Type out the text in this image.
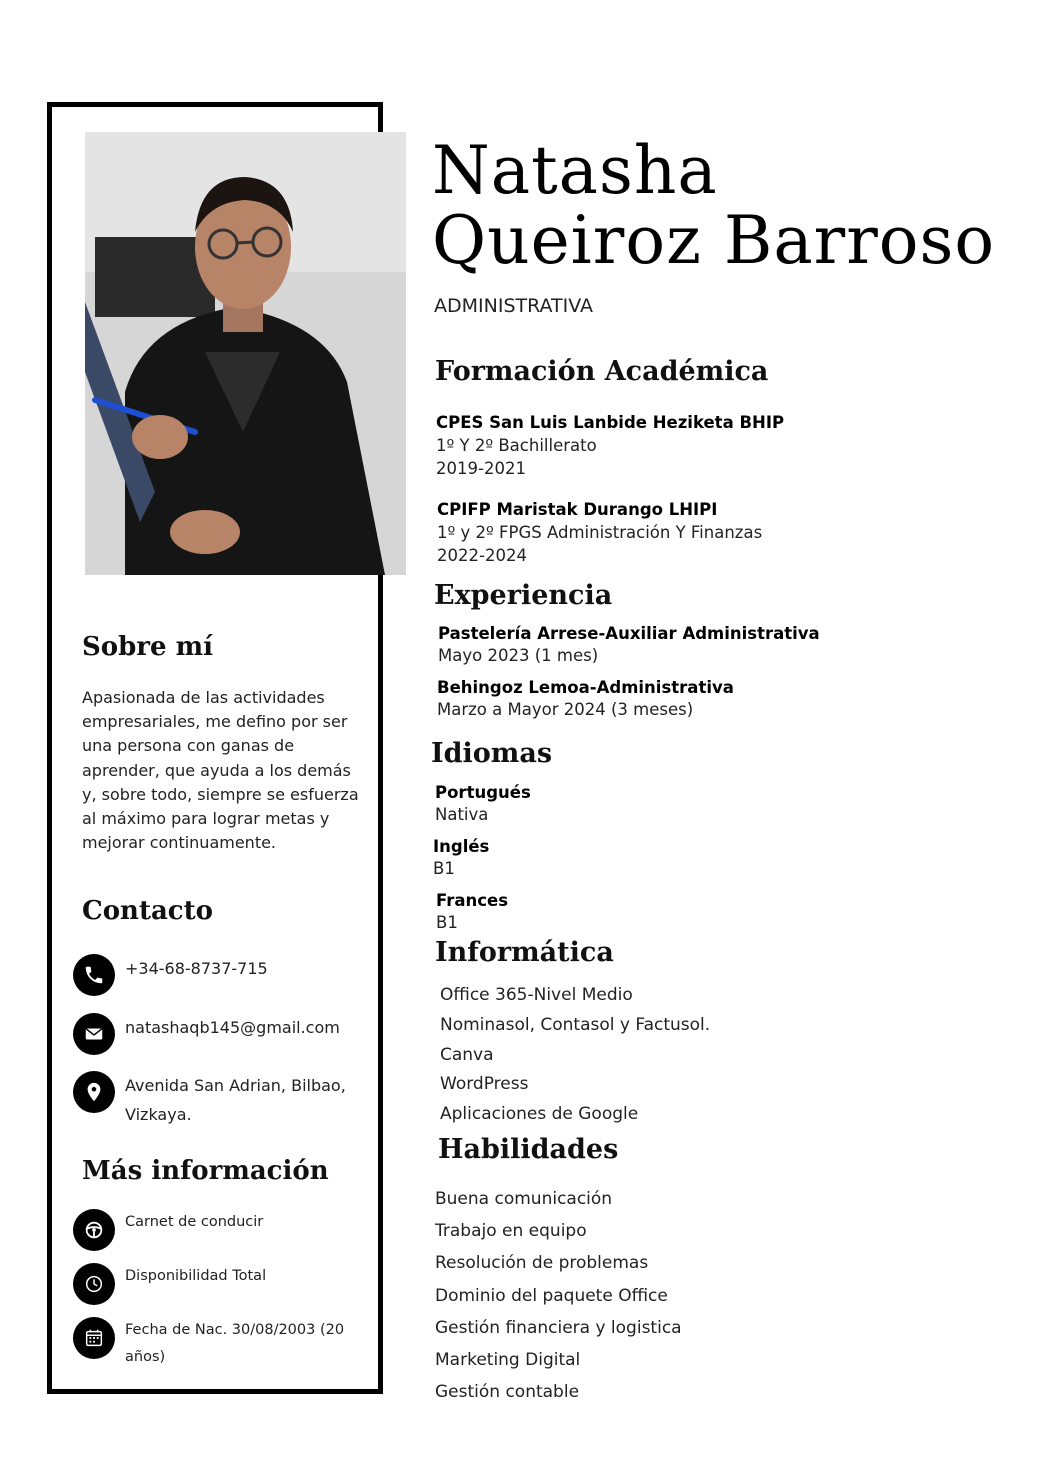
Sobre mí

Apasionada de las actividades empresariales, me defino por ser una persona con ganas de aprender, que ayuda a los demás y, sobre todo, siempre se esfuerza al máximo para lograr metas y mejorar continuamente.

Contacto
+34-68-8737-715
natashaqb145@gmail.com
Avenida San Adrian, Bilbao, Vizkaya.
Más información
Carnet de conducir
Disponibilidad Total
Fecha de Nac. 30/08/2003 (20 años)
Natasha
Queiroz Barroso

ADMINISTRATIVA

Formación Académica
CPES San Luis Lanbide Heziketa BHIP
1º Y 2º Bachillerato
2019-2021
CPIFP Maristak Durango LHIPI
1º y 2º FPGS Administración Y Finanzas
2022-2024
Experiencia
Pastelería Arrese-Auxiliar Administrativa
Mayo 2023 (1 mes)
Behingoz Lemoa-Administrativa
Marzo a Mayor 2024 (3 meses)
Idiomas
Portugués
Nativa
Inglés
B1
Frances
B1
Informática
Office 365-Nivel Medio
Nominasol, Contasol y Factusol.
Canva
WordPress
Aplicaciones de Google
Habilidades
Buena comunicación
Trabajo en equipo
Resolución de problemas
Dominio del paquete Office
Gestión financiera y logistica
Marketing Digital
Gestión contable
